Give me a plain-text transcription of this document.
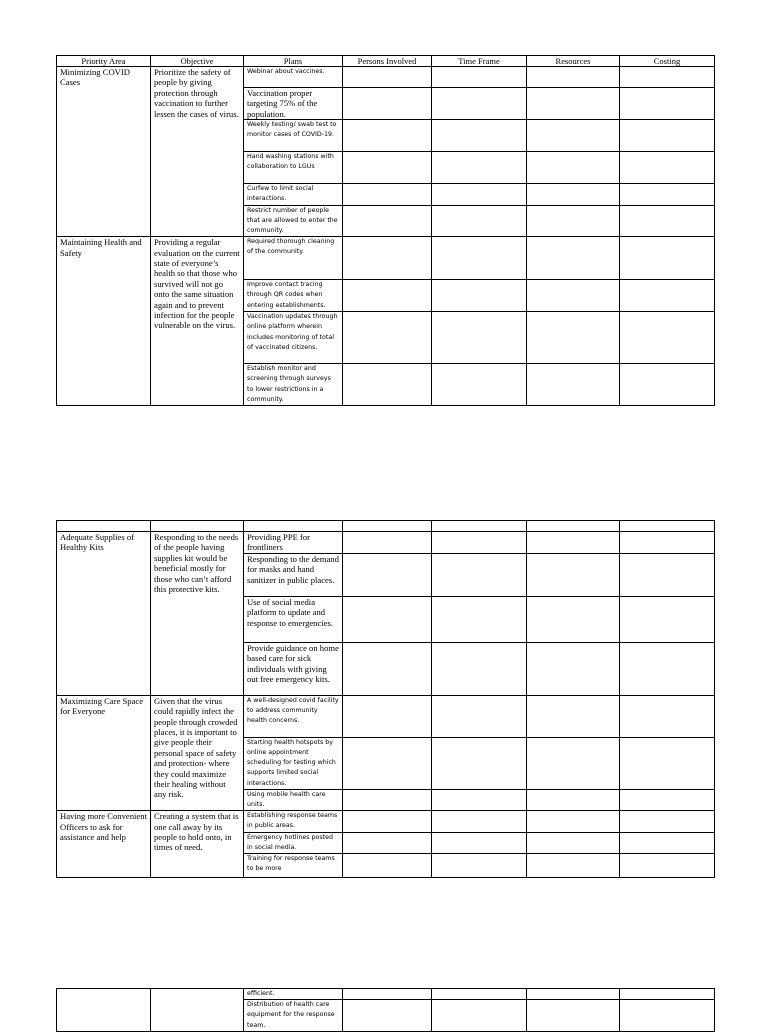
Priority Area	Objective	Plans	Persons Involved	Time Frame	Resources	Costing
Minimizing COVID Cases	Prioritize the safety of people by giving protection through vaccination to further lessen the cases of virus.	Webinar about vaccines.				
		Vaccination proper targeting 75% of the population.				
		Weekly testing/ swab test to monitor cases of COVID-19.				
		Hand washing stations with collaboration to LGUs				
		Curfew to limit social interactions.				
		Restrict number of people that are allowed to enter the community.				
Maintaining Health and Safety	Providing a regular evaluation on the current state of everyone’s health so that those who survived will not go onto the same situation again and to prevent infection for the people vulnerable on the virus.	Required thorough cleaning of the community.				
		Improve contact tracing through QR codes when entering establishments.				
		Vaccination updates through online platform wherein includes monitoring of total of vaccinated citizens.				
		Establish monitor and screening through surveys to lower restrictions in a community.				

Adequate Supplies of Healthy Kits	Responding to the needs of the people having supplies kit would be beneficial mostly for those who can’t afford this protective kits.	Providing PPE for frontliners				
		Responding to the demand for masks and hand sanitizer in public places.				
		Use of social media platform to update and response to emergencies.				
		Provide guidance on home based care for sick individuals with giving out free emergency kits.				
Maximizing Care Space for Everyone	Given that the virus could rapidly infect the people through crowded places, it is important to give people their personal space of safety and protection- where they could maximize their healing without any risk.	A well-designed covid facility to address community health concerns.				
		Starting health hotspots by online appointment scheduling for testing which supports limited social interactions.				
		Using mobile health care units.				
Having more Convenient Officers to ask for assistance and help	Creating a system that is one call away by its people to hold onto, in times of need.	Establishing response teams in public areas.				
		Emergency hotlines posted in social media.				
		Training for response teams to be more				
		efficient.				
		Distribution of health care equipment for the response team.				
